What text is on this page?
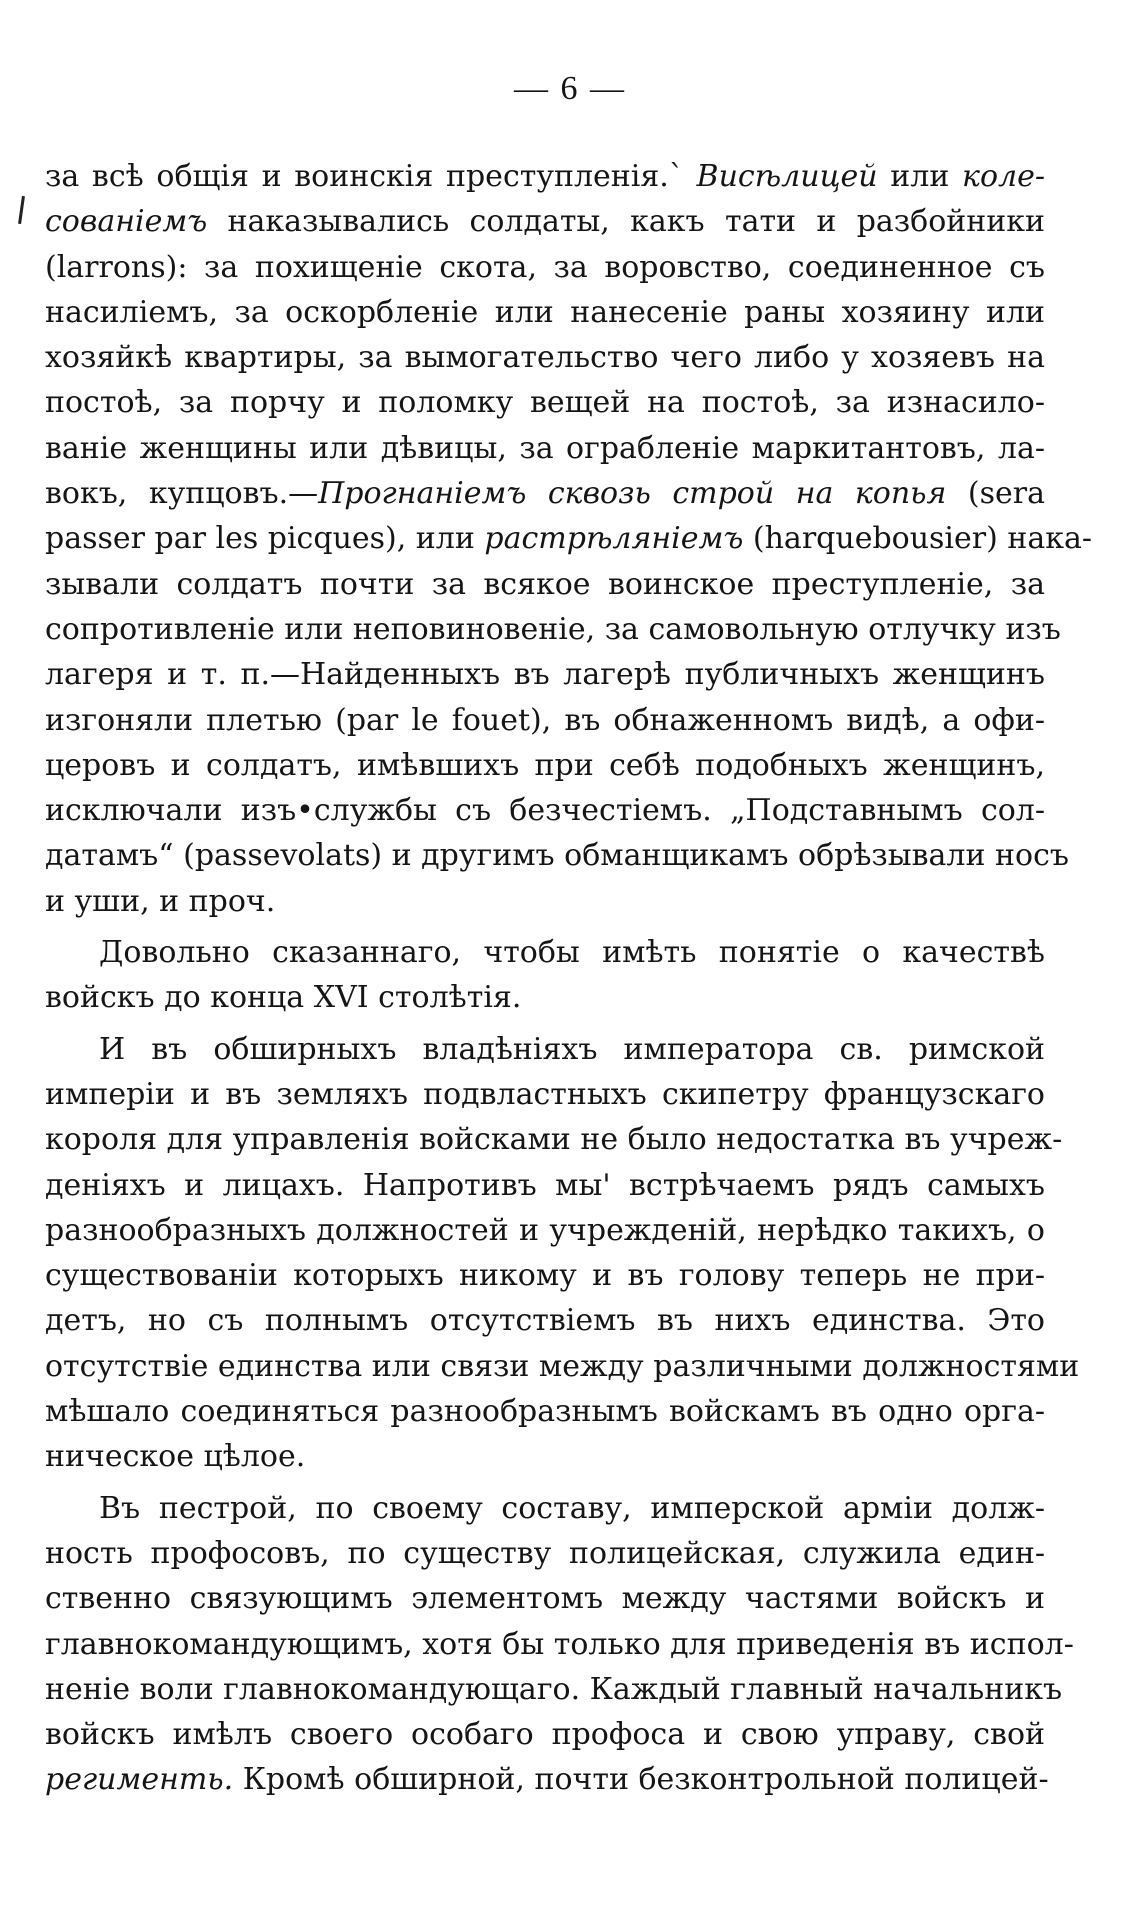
— 6 —
за всѣ общія и воинскія преступленія.` Висѣлицей или коле-
сованіемъ наказывались солдаты, какъ тати и разбойники
(larrons): за похищеніе скота, за воровство, соединенное съ
насиліемъ, за оскорбленіе или нанесеніе раны хозяину или
хозяйкѣ квартиры, за вымогательство чего либо у хозяевъ на
постоѣ, за порчу и поломку вещей на постоѣ, за изнасило-
ваніе женщины или дѣвицы, за ограбленіе маркитантовъ, ла-
вокъ, купцовъ.—Прогнаніемъ сквозь строй на копья (sera
passer par les picques), или растрѣляніемъ (harquebousier) нака-
зывали солдатъ почти за всякое воинское преступленіе, за
сопротивленіе или неповиновеніе, за самовольную отлучку изъ
лагеря и т. п.—Найденныхъ въ лагерѣ публичныхъ женщинъ
изгоняли плетью (par le fouet), въ обнаженномъ видѣ, а офи-
церовъ и солдатъ, имѣвшихъ при себѣ подобныхъ женщинъ,
исключали изъ•службы съ безчестіемъ. „Подставнымъ сол-
датамъ“ (passevolats) и другимъ обманщикамъ обрѣзывали носъ
и уши, и проч.
Довольно сказаннаго, чтобы имѣть понятіе о качествѣ
войскъ до конца XVI столѣтія.
И въ обширныхъ владѣніяхъ императора св. римской
имперіи и въ земляхъ подвластныхъ скипетру французскаго
короля для управленія войсками не было недостатка въ учреж-
деніяхъ и лицахъ. Напротивъ мы' встрѣчаемъ рядъ самыхъ
разнообразныхъ должностей и учрежденій, нерѣдко такихъ, о
существованіи которыхъ никому и въ голову теперь не при-
детъ, но съ полнымъ отсутствіемъ въ нихъ единства. Это
отсутствіе единства или связи между различными должностями
мѣшало соединяться разнообразнымъ войскамъ въ одно орга-
ническое цѣлое.
Въ пестрой, по своему составу, имперской арміи долж-
ность профосовъ, по существу полицейская, служила един-
ственно связующимъ элементомъ между частями войскъ и
главнокомандующимъ, хотя бы только для приведенія въ испол-
неніе воли главнокомандующаго. Каждый главный начальникъ
войскъ имѣлъ своего особаго профоса и свою управу, свой
регименть. Кромѣ обширной, почти безконтрольной полицей-
